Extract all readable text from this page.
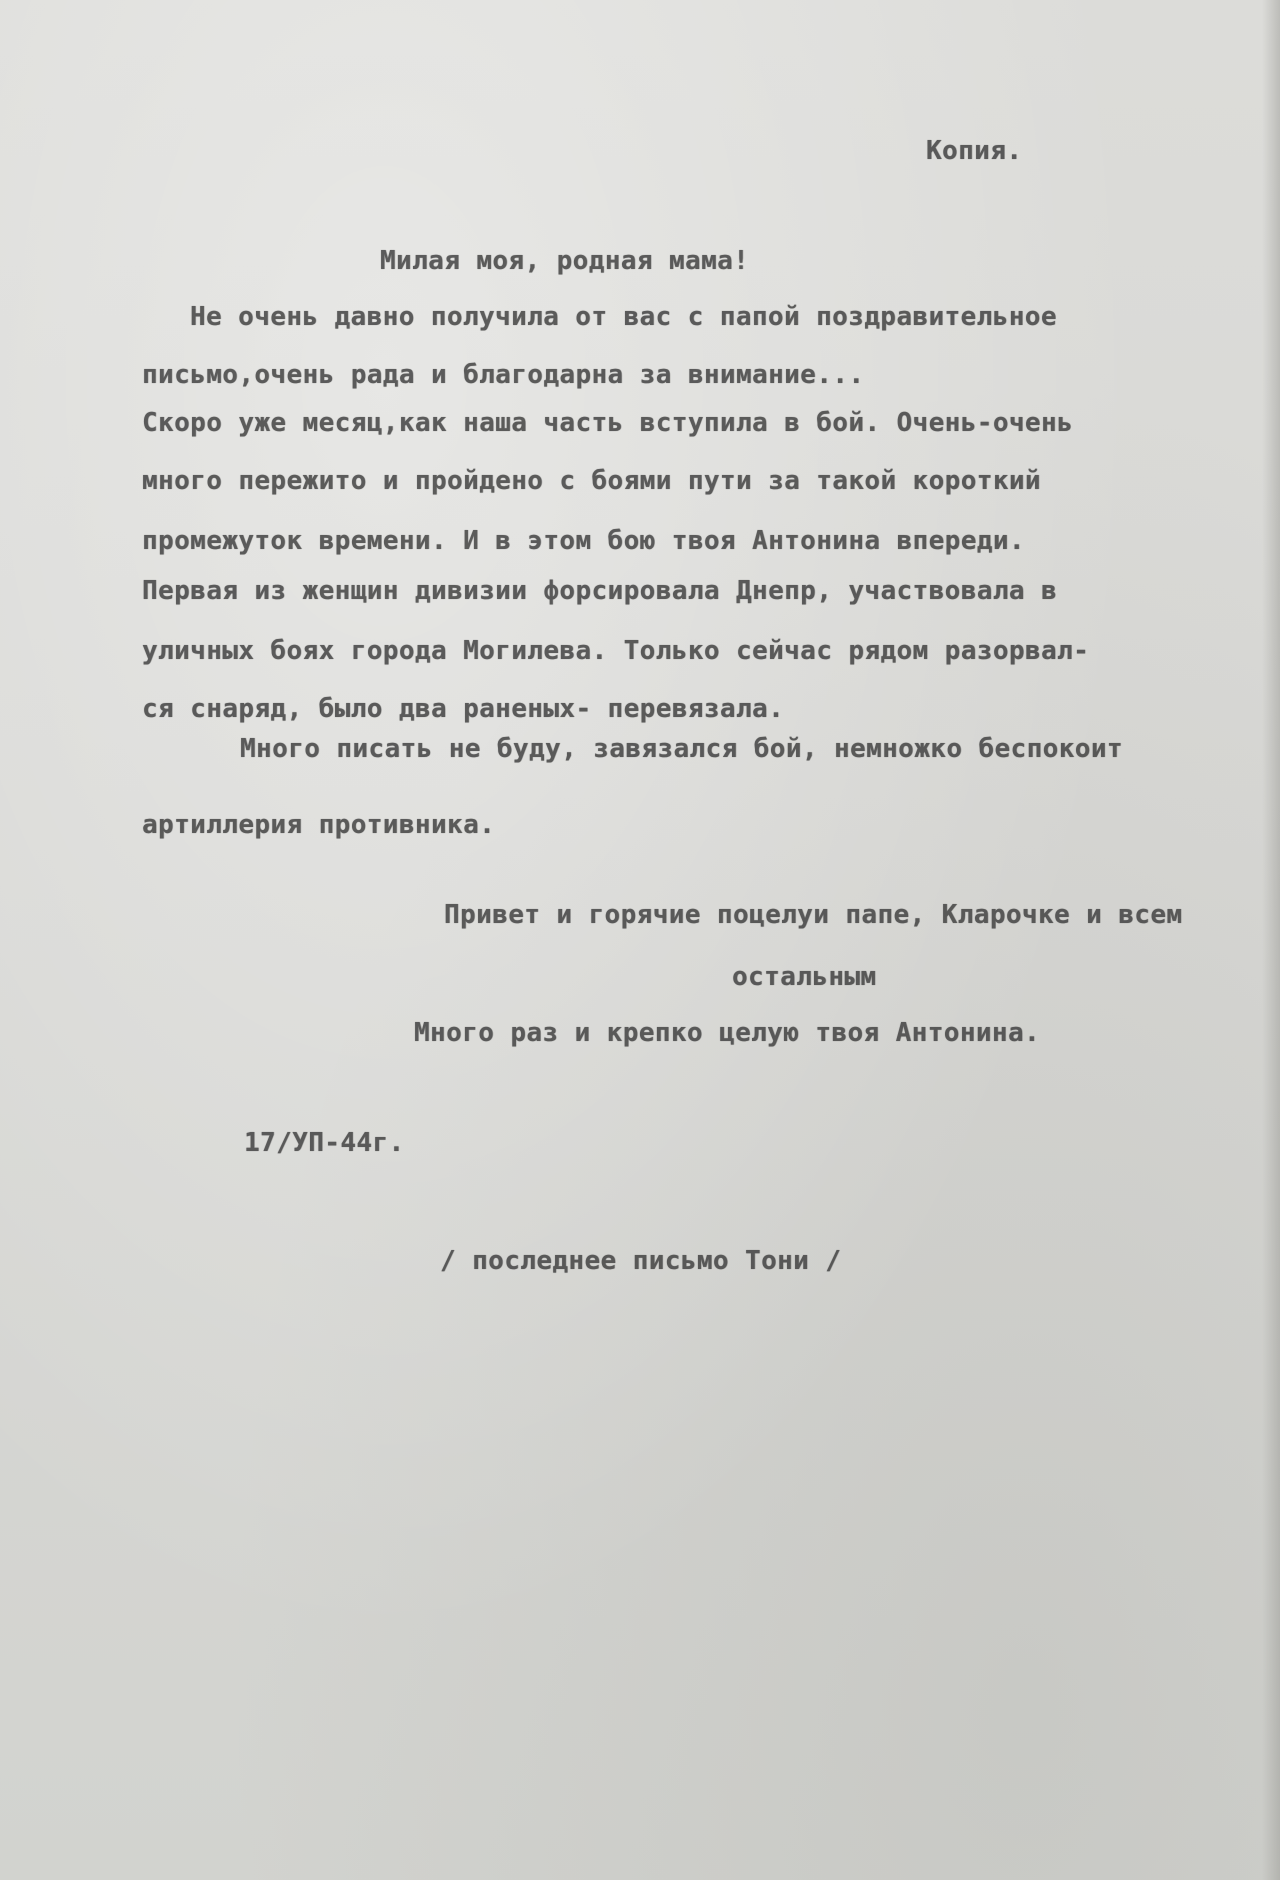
Копия.
Милая моя, родная мама!
Не очень давно получила от вас с папой поздравительное
письмо,очень рада и благодарна за внимание...
Скоро уже месяц,как наша часть вступила в бой. Очень-очень
много пережито и пройдено с боями пути за такой короткий
промежуток времени. И в этом бою твоя Антонина впереди.
Первая из женщин дивизии форсировала Днепр, участвовала в
уличных боях города Могилева. Только сейчас рядом разорвал-
ся снаряд, было два раненых- перевязала.
Много писать не буду, завязался бой, немножко беспокоит
артиллерия противника.
Привет и горячие поцелуи папе, Кларочке и всем
остальным
Много раз и крепко целую твоя Антонина.
17/УП-44г.
/ последнее письмо Тони /
